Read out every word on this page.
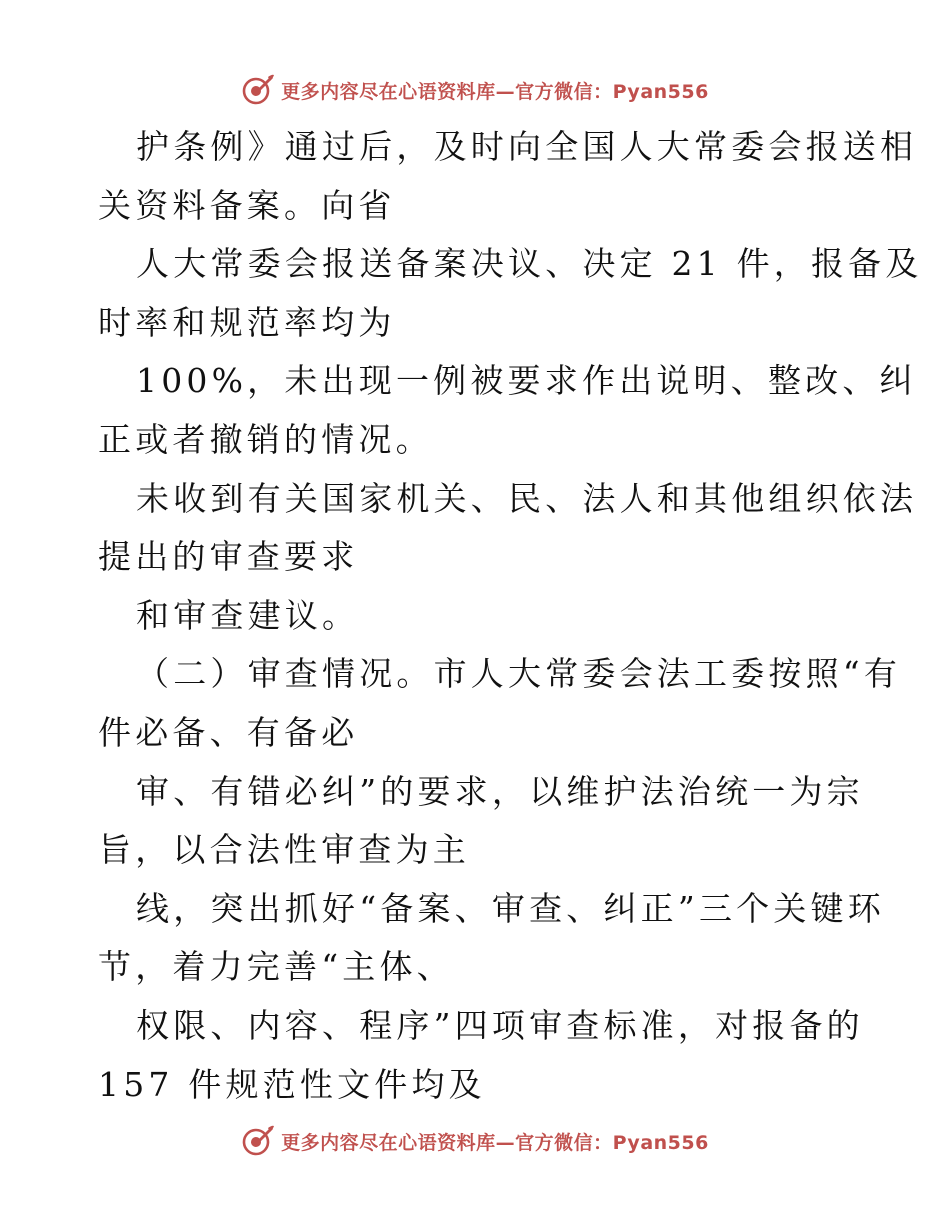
更多内容尽在心语资料库—官方微信：Pyan556
护条例》通过后，及时向全国人大常委会报送相
关资料备案。向省
人大常委会报送备案决议、决定 21 件，报备及
时率和规范率均为
100%，未出现一例被要求作出说明、整改、纠
正或者撤销的情况。
未收到有关国家机关、民、法人和其他组织依法
提出的审查要求
和审查建议。
（二）审查情况。市人大常委会法工委按照“有
件必备、有备必
审、有错必纠”的要求，以维护法治统一为宗
旨，以合法性审查为主
线，突出抓好“备案、审查、纠正”三个关键环
节，着力完善“主体、
权限、内容、程序”四项审查标准，对报备的
157 件规范性文件均及
更多内容尽在心语资料库—官方微信：Pyan556
